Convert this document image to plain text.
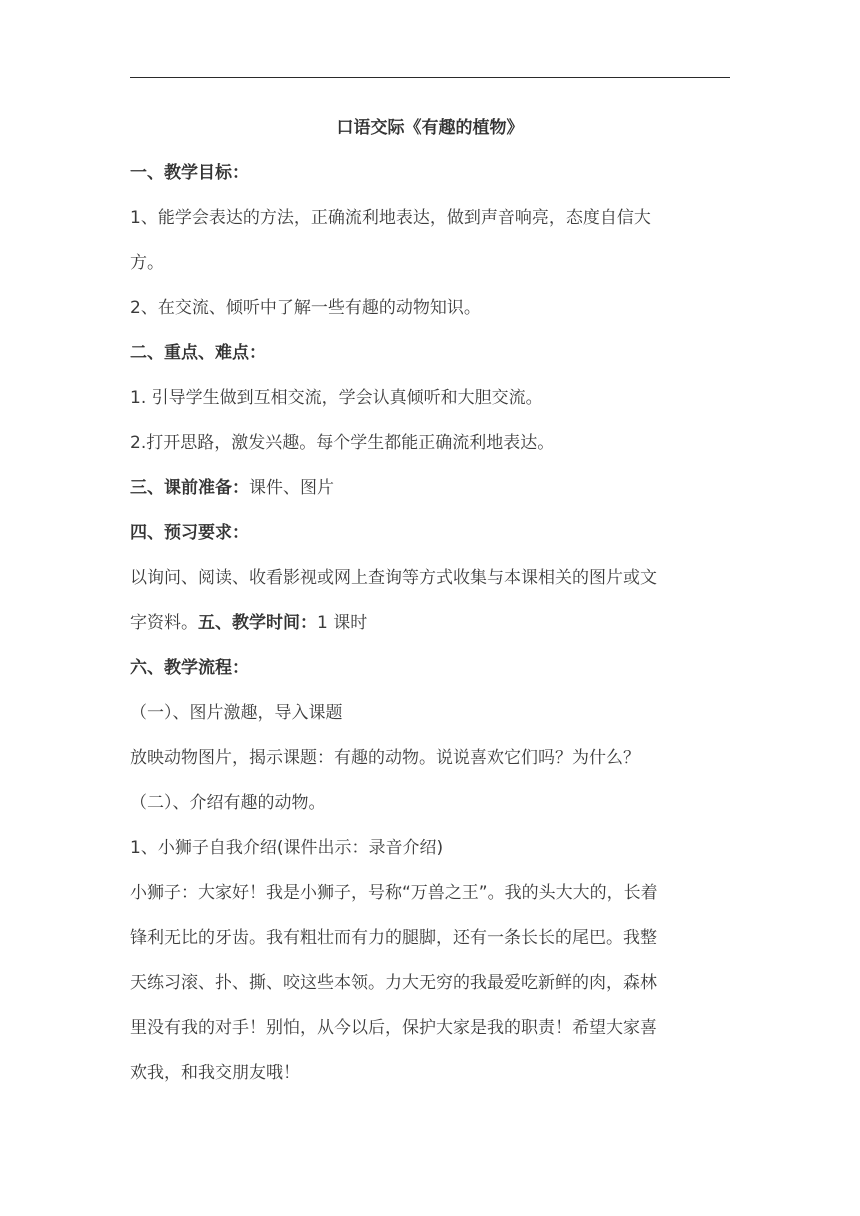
口语交际《有趣的植物》
一、教学目标：
1、能学会表达的方法，正确流利地表达，做到声音响亮，态度自信大
方。
2、在交流、倾听中了解一些有趣的动物知识。
二、重点、难点：
1. 引导学生做到互相交流，学会认真倾听和大胆交流。
2.打开思路，激发兴趣。每个学生都能正确流利地表达。
三、课前准备：课件、图片
四、预习要求：
以询问、阅读、收看影视或网上查询等方式收集与本课相关的图片或文
字资料。五、教学时间：1 课时
六、教学流程：
（一）、图片激趣，导入课题
放映动物图片，揭示课题：有趣的动物。说说喜欢它们吗？为什么？
（二）、介绍有趣的动物。
1、小狮子自我介绍(课件出示：录音介绍)
小狮子：大家好！我是小狮子，号称“万兽之王”。我的头大大的，长着
锋利无比的牙齿。我有粗壮而有力的腿脚，还有一条长长的尾巴。我整
天练习滚、扑、撕、咬这些本领。力大无穷的我最爱吃新鲜的肉，森林
里没有我的对手！别怕，从今以后，保护大家是我的职责！希望大家喜
欢我，和我交朋友哦！
